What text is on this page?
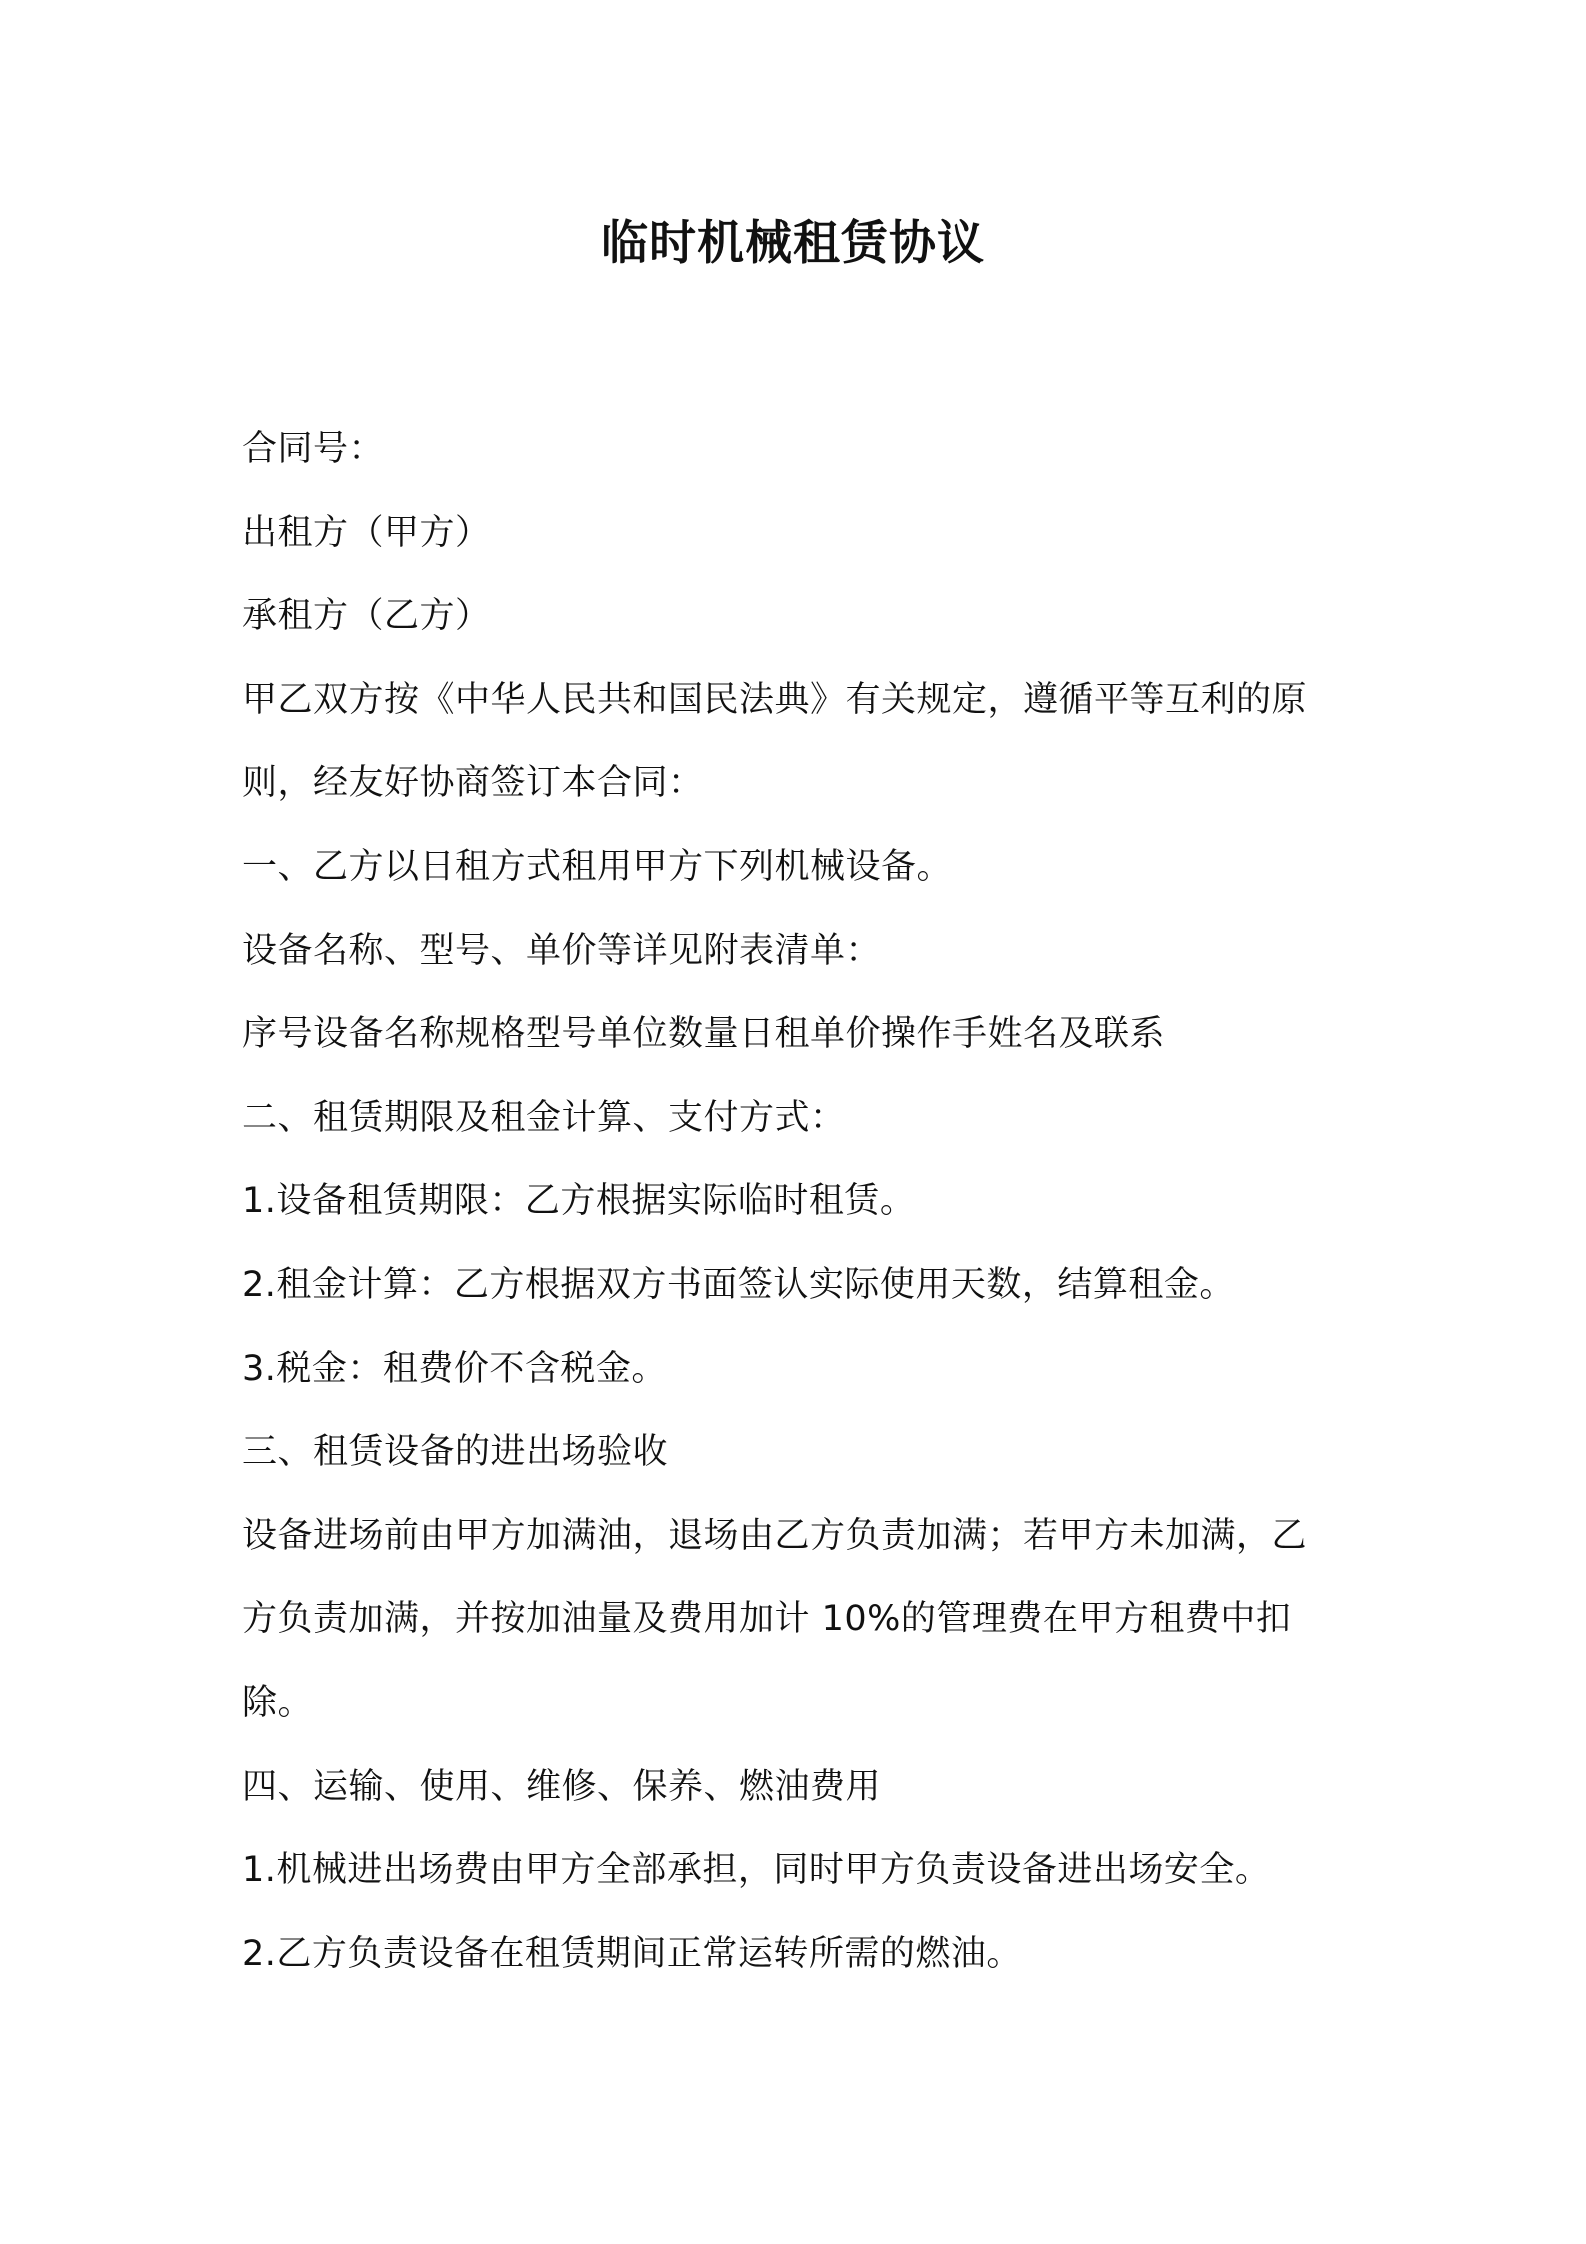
临时机械租赁协议
合同号：
出租方（甲方）
承租方（乙方）
甲乙双方按《中华人民共和国民法典》有关规定，遵循平等互利的原
则，经友好协商签订本合同：
一、乙方以日租方式租用甲方下列机械设备。
设备名称、型号、单价等详见附表清单：
序号设备名称规格型号单位数量日租单价操作手姓名及联系
二、租赁期限及租金计算、支付方式：
1.设备租赁期限：乙方根据实际临时租赁。
2.租金计算：乙方根据双方书面签认实际使用天数，结算租金。
3.税金：租费价不含税金。
三、租赁设备的进出场验收
设备进场前由甲方加满油，退场由乙方负责加满；若甲方未加满，乙
方负责加满，并按加油量及费用加计 10%的管理费在甲方租费中扣
除。
四、运输、使用、维修、保养、燃油费用
1.机械进出场费由甲方全部承担，同时甲方负责设备进出场安全。
2.乙方负责设备在租赁期间正常运转所需的燃油。
